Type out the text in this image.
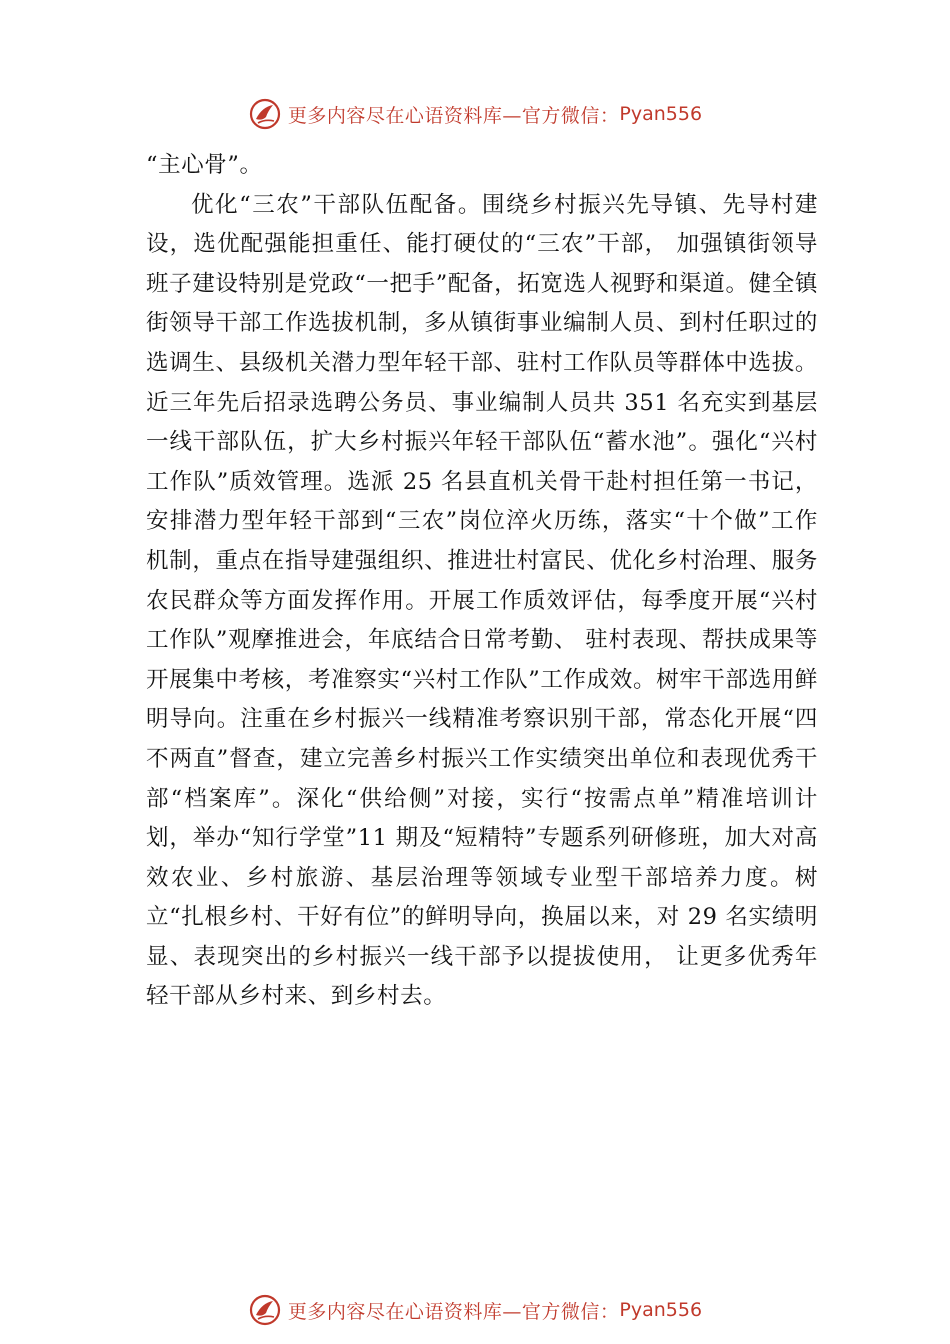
更多内容尽在心语资料库—官方微信： Pyan556

“主心骨”。

优化“三农”干部队伍配备。围绕乡村振兴先导镇、先导村建设，选优配强能担重任、能打硬仗的“三农”干部， 加强镇街领导班子建设特别是党政“一把手”配备，拓宽选人视野和渠道。健全镇街领导干部工作选拔机制，多从镇街事业编制人员、到村任职过的选调生、县级机关潜力型年轻干部、驻村工作队员等群体中选拔。近三年先后招录选聘公务员、事业编制人员共 351 名充实到基层一线干部队伍，扩大乡村振兴年轻干部队伍“蓄水池”。强化“兴村工作队”质效管理。选派 25 名县直机关骨干赴村担任第一书记，安排潜力型年轻干部到“三农”岗位淬火历练，落实“十个做”工作机制，重点在指导建强组织、推进壮村富民、优化乡村治理、服务农民群众等方面发挥作用。开展工作质效评估，每季度开展“兴村工作队”观摩推进会，年底结合日常考勤、 驻村表现、帮扶成果等开展集中考核，考准察实“兴村工作队”工作成效。树牢干部选用鲜明导向。注重在乡村振兴一线精准考察识别干部，常态化开展“四不两直”督查，建立完善乡村振兴工作实绩突出单位和表现优秀干部“档案库”。深化“供给侧”对接，实行“按需点单”精准培训计划，举办“知行学堂”11 期及“短精特”专题系列研修班，加大对高效农业、乡村旅游、基层治理等领域专业型干部培养力度。树立“扎根乡村、干好有位”的鲜明导向，换届以来，对 29 名实绩明显、表现突出的乡村振兴一线干部予以提拔使用， 让更多优秀年轻干部从乡村来、到乡村去。

更多内容尽在心语资料库—官方微信： Pyan556
